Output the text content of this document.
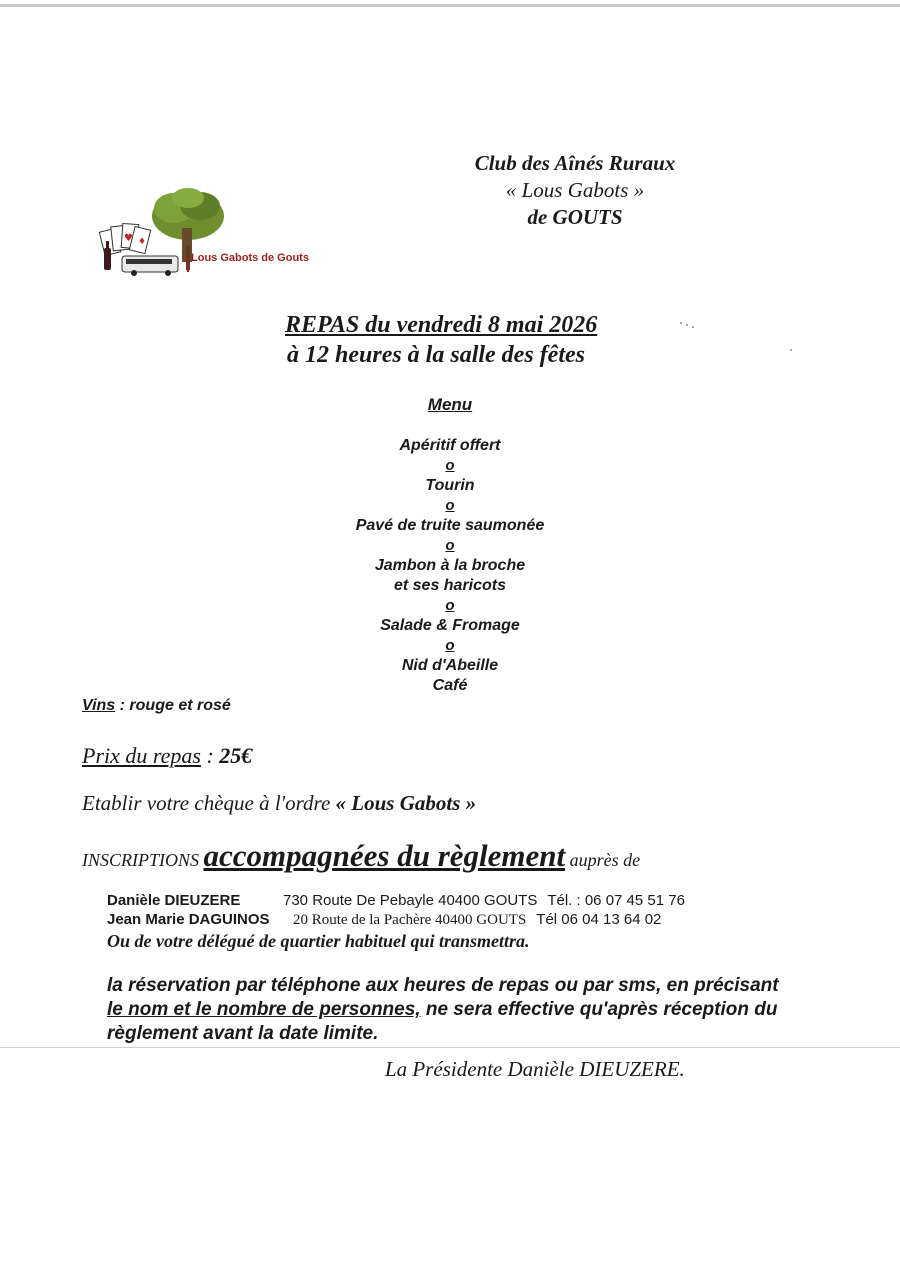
♥ ♦
Lous Gabots de Gouts
Club des Aînés Ruraux
« Lous Gabots »
de GOUTS
REPAS du vendredi 8 mai 2026
à 12 heures à la salle des fêtes
Menu
Apéritif offert
o
Tourin
o
Pavé de truite saumonée
o
Jambon à la broche
et ses haricots
o
Salade & Fromage
o
Nid d'Abeille
Café
Vins : rouge et rosé
Prix du repas : 25€
Etablir votre chèque à l'ordre « Lous Gabots »
INSCRIPTIONS accompagnées du règlement auprès de
Danièle DIEUZERE	730 Route De Pebayle 40400 GOUTS Tél. : 06 07 45 51 76
Jean Marie DAGUINOS 20 Route de la Pachère 40400 GOUTS Tél 06 04 13 64 02
Ou de votre délégué de quartier habituel qui transmettra.
la réservation par téléphone aux heures de repas ou par sms, en précisant
le nom et le nombre de personnes, ne sera effective qu'après réception du
règlement avant la date limite.
La Présidente Danièle DIEUZERE.
